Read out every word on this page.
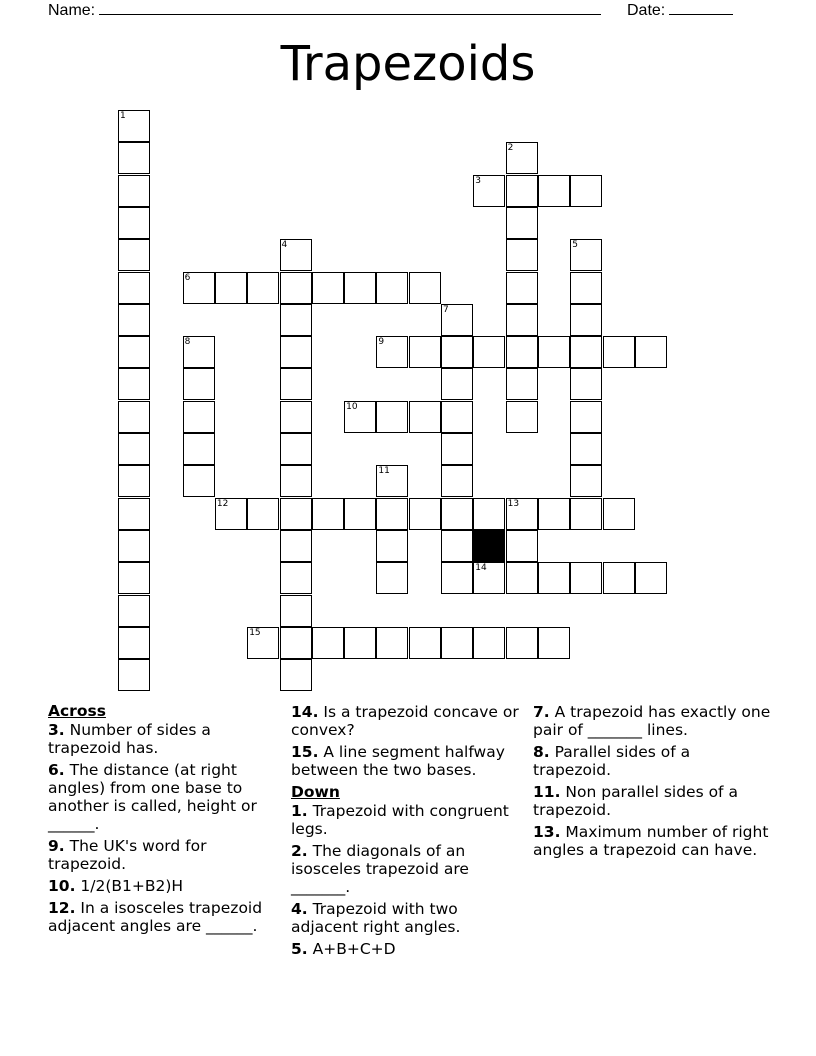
Name:	Date:
Trapezoids
3
6
9
10
12	13
14
15
1
2
4	5
7
8
11
Across
3. Number of sides a trapezoid has.
6. The distance (at right angles) from one base to another is called, height or ______.
9. The UK's word for trapezoid.
10. 1/2(B1+B2)H
12. In a isosceles trapezoid adjacent angles are ______.
14. Is a trapezoid concave or convex?
15. A line segment halfway between the two bases.
Down
1. Trapezoid with congruent legs.
2. The diagonals of an isosceles trapezoid are _______.
4. Trapezoid with two adjacent right angles.
5. A+B+C+D
7. A trapezoid has exactly one pair of _______ lines.
8. Parallel sides of a trapezoid.
11. Non parallel sides of a trapezoid.
13. Maximum number of right angles a trapezoid can have.
